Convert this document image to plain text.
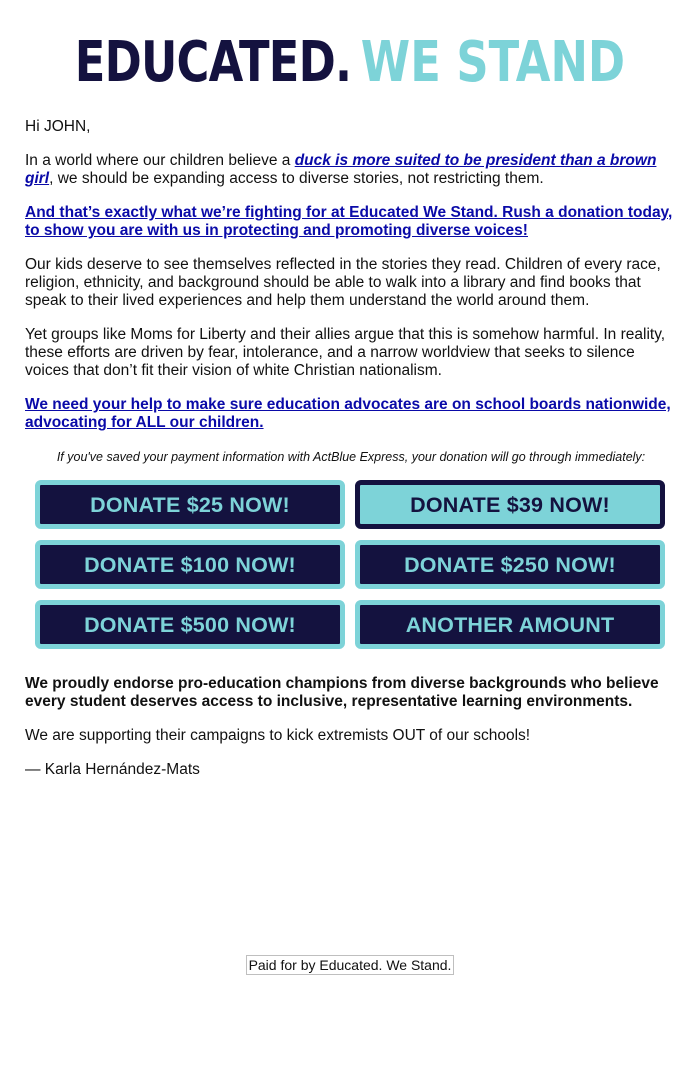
EDUCATED. WE STAND

Hi JOHN,

In a world where our children believe a duck is more suited to be president than a brown girl, we should be expanding access to diverse stories, not restricting them.

And that’s exactly what we’re fighting for at Educated We Stand. Rush a donation today, to show you are with us in protecting and promoting diverse voices!

Our kids deserve to see themselves reflected in the stories they read. Children of every race, religion, ethnicity, and background should be able to walk into a library and find books that speak to their lived experiences and help them understand the world around them.

Yet groups like Moms for Liberty and their allies argue that this is somehow harmful. In reality, these efforts are driven by fear, intolerance, and a narrow worldview that seeks to silence voices that don’t fit their vision of white Christian nationalism.

We need your help to make sure education advocates are on school boards nationwide, advocating for ALL our children.

If you've saved your payment information with ActBlue Express, your donation will go through immediately:

DONATE $25 NOW!	DONATE $39 NOW!
DONATE $100 NOW!	DONATE $250 NOW!
DONATE $500 NOW!	ANOTHER AMOUNT

We proudly endorse pro-education champions from diverse backgrounds who believe every student deserves access to inclusive, representative learning environments.

We are supporting their campaigns to kick extremists OUT of our schools!

— Karla Hernández-Mats

Paid for by Educated. We Stand.
